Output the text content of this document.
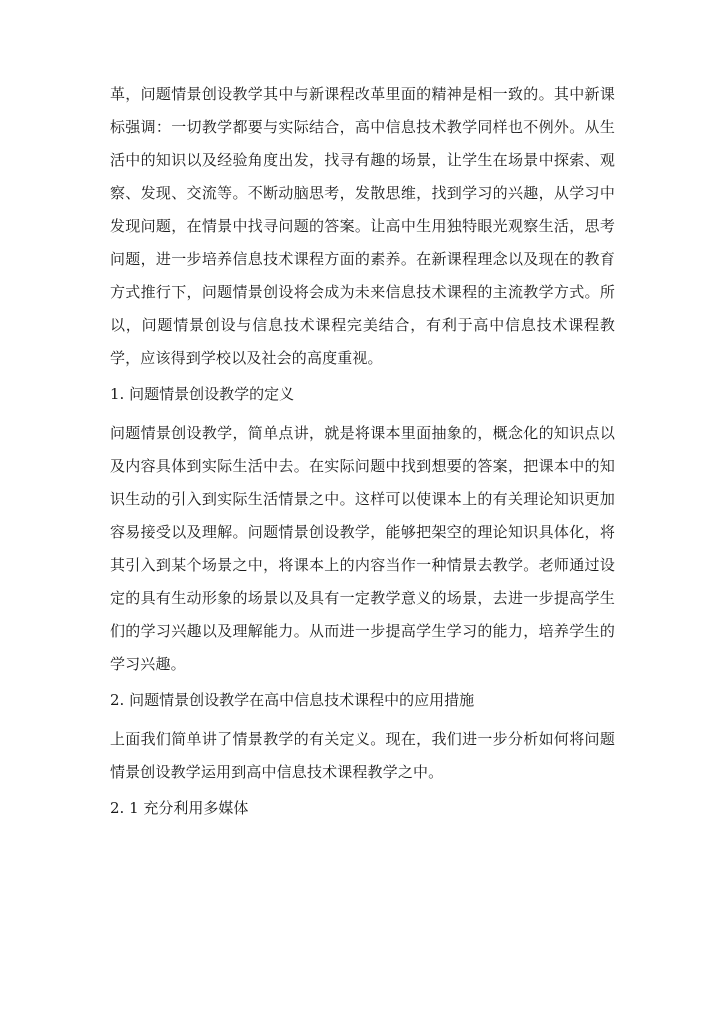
革，问题情景创设教学其中与新课程改革里面的精神是相一致的。其中新课标强调：一切教学都要与实际结合，高中信息技术教学同样也不例外。从生活中的知识以及经验角度出发，找寻有趣的场景，让学生在场景中探索、观察、发现、交流等。不断动脑思考，发散思维，找到学习的兴趣，从学习中发现问题，在情景中找寻问题的答案。让高中生用独特眼光观察生活，思考问题，进一步培养信息技术课程方面的素养。在新课程理念以及现在的教育方式推行下，问题情景创设将会成为未来信息技术课程的主流教学方式。所以，问题情景创设与信息技术课程完美结合，有利于高中信息技术课程教学，应该得到学校以及社会的高度重视。

1. 问题情景创设教学的定义

问题情景创设教学，简单点讲，就是将课本里面抽象的，概念化的知识点以及内容具体到实际生活中去。在实际问题中找到想要的答案，把课本中的知识生动的引入到实际生活情景之中。这样可以使课本上的有关理论知识更加容易接受以及理解。问题情景创设教学，能够把架空的理论知识具体化，将其引入到某个场景之中，将课本上的内容当作一种情景去教学。老师通过设定的具有生动形象的场景以及具有一定教学意义的场景，去进一步提高学生们的学习兴趣以及理解能力。从而进一步提高学生学习的能力，培养学生的学习兴趣。

2. 问题情景创设教学在高中信息技术课程中的应用措施

上面我们简单讲了情景教学的有关定义。现在，我们进一步分析如何将问题情景创设教学运用到高中信息技术课程教学之中。

2. 1 充分利用多媒体
